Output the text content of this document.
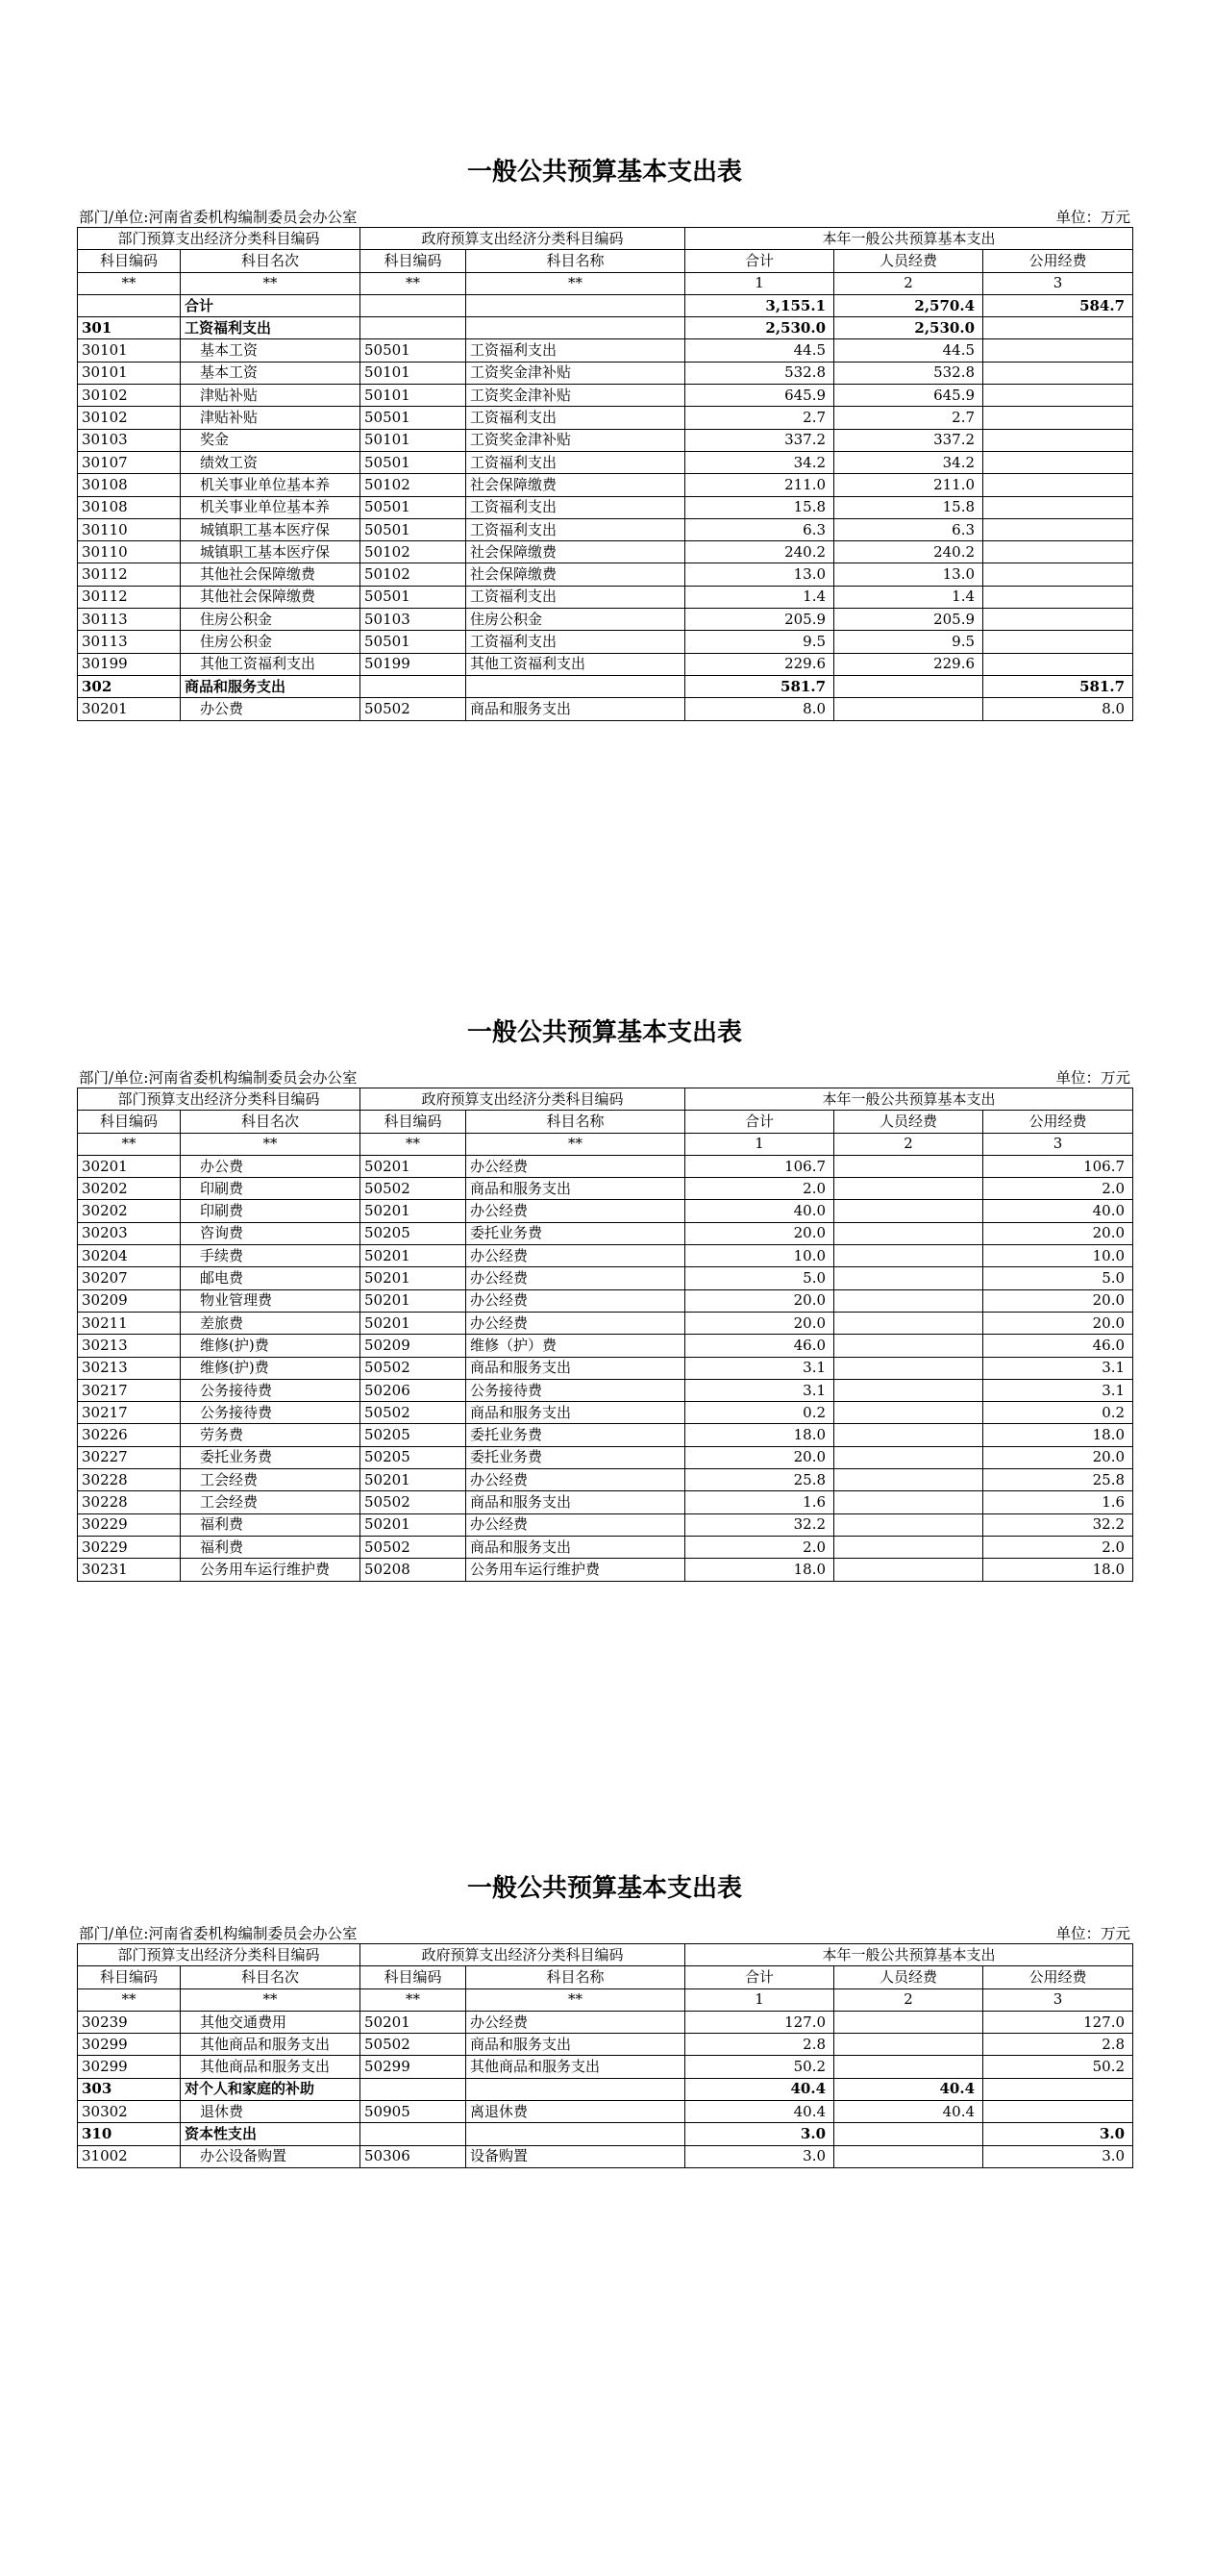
一般公共预算基本支出表
部门/单位:河南省委机构编制委员会办公室	单位：万元
部门预算支出经济分类科目编码		政府预算支出经济分类科目编码		本年一般公共预算基本支出		
科目编码	科目名次	科目编码	科目名称	合计	人员经费	公用经费
**	**	**	**	1	2	3
	合计			3,155.1	2,570.4	584.7
301	工资福利支出			2,530.0	2,530.0	
30101	基本工资	50501	工资福利支出	44.5	44.5	
30101	基本工资	50101	工资奖金津补贴	532.8	532.8	
30102	津贴补贴	50101	工资奖金津补贴	645.9	645.9	
30102	津贴补贴	50501	工资福利支出	2.7	2.7	
30103	奖金	50101	工资奖金津补贴	337.2	337.2	
30107	绩效工资	50501	工资福利支出	34.2	34.2	
30108	机关事业单位基本养	50102	社会保障缴费	211.0	211.0	
30108	机关事业单位基本养	50501	工资福利支出	15.8	15.8	
30110	城镇职工基本医疗保	50501	工资福利支出	6.3	6.3	
30110	城镇职工基本医疗保	50102	社会保障缴费	240.2	240.2	
30112	其他社会保障缴费	50102	社会保障缴费	13.0	13.0	
30112	其他社会保障缴费	50501	工资福利支出	1.4	1.4	
30113	住房公积金	50103	住房公积金	205.9	205.9	
30113	住房公积金	50501	工资福利支出	9.5	9.5	
30199	其他工资福利支出	50199	其他工资福利支出	229.6	229.6	
302	商品和服务支出			581.7		581.7
30201	办公费	50502	商品和服务支出	8.0		8.0
一般公共预算基本支出表
部门/单位:河南省委机构编制委员会办公室	单位：万元
部门预算支出经济分类科目编码		政府预算支出经济分类科目编码		本年一般公共预算基本支出		
科目编码	科目名次	科目编码	科目名称	合计	人员经费	公用经费
**	**	**	**	1	2	3
30201	办公费	50201	办公经费	106.7		106.7
30202	印刷费	50502	商品和服务支出	2.0		2.0
30202	印刷费	50201	办公经费	40.0		40.0
30203	咨询费	50205	委托业务费	20.0		20.0
30204	手续费	50201	办公经费	10.0		10.0
30207	邮电费	50201	办公经费	5.0		5.0
30209	物业管理费	50201	办公经费	20.0		20.0
30211	差旅费	50201	办公经费	20.0		20.0
30213	维修(护)费	50209	维修（护）费	46.0		46.0
30213	维修(护)费	50502	商品和服务支出	3.1		3.1
30217	公务接待费	50206	公务接待费	3.1		3.1
30217	公务接待费	50502	商品和服务支出	0.2		0.2
30226	劳务费	50205	委托业务费	18.0		18.0
30227	委托业务费	50205	委托业务费	20.0		20.0
30228	工会经费	50201	办公经费	25.8		25.8
30228	工会经费	50502	商品和服务支出	1.6		1.6
30229	福利费	50201	办公经费	32.2		32.2
30229	福利费	50502	商品和服务支出	2.0		2.0
30231	公务用车运行维护费	50208	公务用车运行维护费	18.0		18.0
一般公共预算基本支出表
部门/单位:河南省委机构编制委员会办公室	单位：万元
部门预算支出经济分类科目编码		政府预算支出经济分类科目编码		本年一般公共预算基本支出		
科目编码	科目名次	科目编码	科目名称	合计	人员经费	公用经费
**	**	**	**	1	2	3
30239	其他交通费用	50201	办公经费	127.0		127.0
30299	其他商品和服务支出	50502	商品和服务支出	2.8		2.8
30299	其他商品和服务支出	50299	其他商品和服务支出	50.2		50.2
303	对个人和家庭的补助			40.4	40.4	
30302	退休费	50905	离退休费	40.4	40.4	
310	资本性支出			3.0		3.0
31002	办公设备购置	50306	设备购置	3.0		3.0
